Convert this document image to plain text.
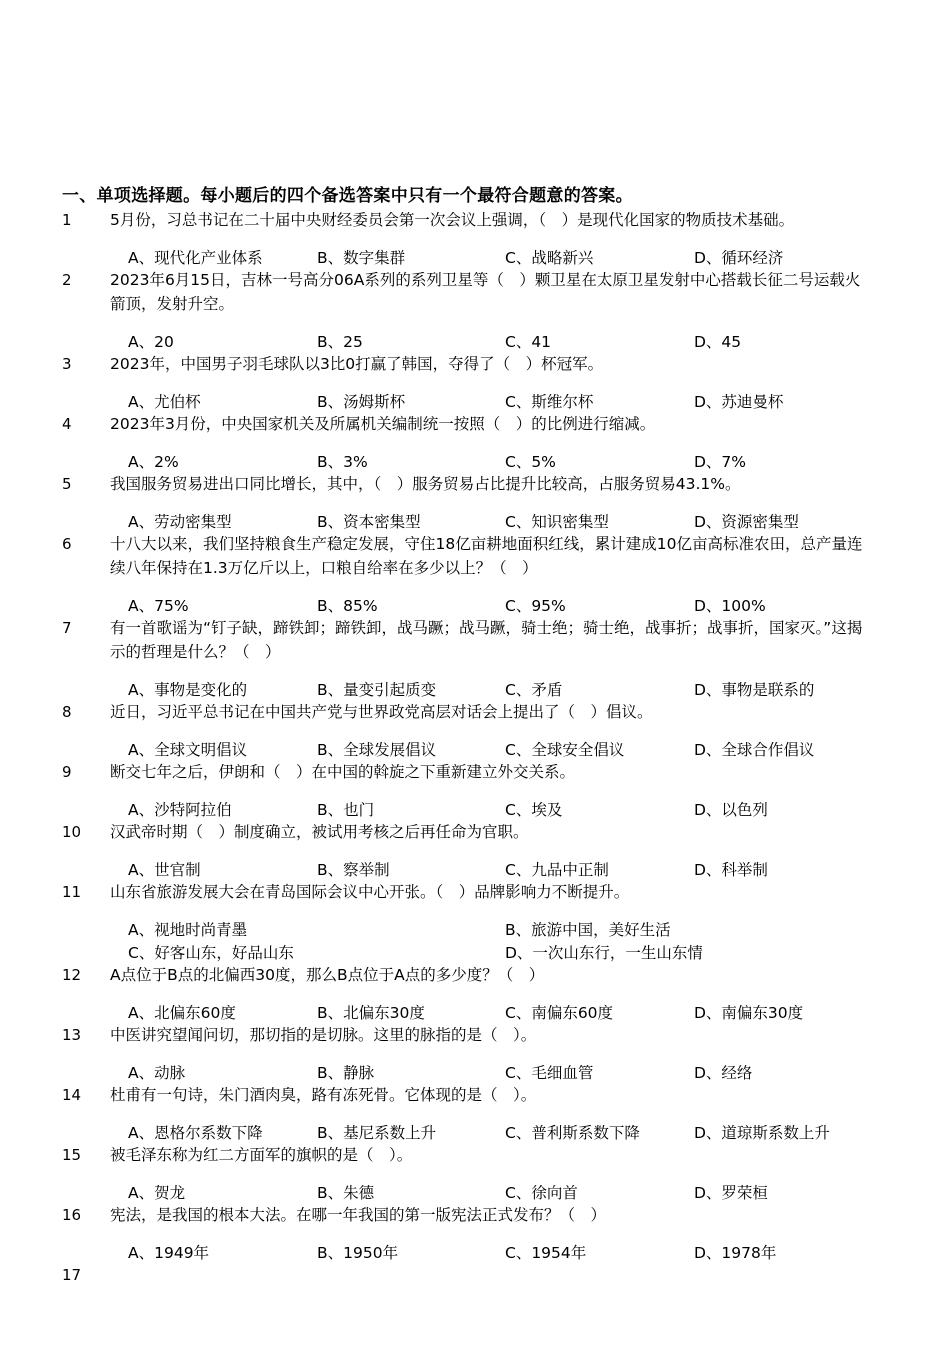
一、单项选择题。每小题后的四个备选答案中只有一个最符合题意的答案。
1 5月份，习总书记在二十届中央财经委员会第一次会议上强调，（　）是现代化国家的物质技术基础。
A、现代化产业体系	B、数字集群	C、战略新兴	D、循环经济
2 2023年6月15日，吉林一号高分06A系列的系列卫星等（　）颗卫星在太原卫星发射中心搭载长征二号运载火箭顶，发射升空。
A、20	B、25	C、41	D、45
3 2023年，中国男子羽毛球队以3比0打赢了韩国，夺得了（　）杯冠军。
A、尤伯杯	B、汤姆斯杯	C、斯维尔杯	D、苏迪曼杯
4 2023年3月份，中央国家机关及所属机关编制统一按照（　）的比例进行缩减。
A、2%	B、3%	C、5%	D、7%
5 我国服务贸易进出口同比增长，其中，（　）服务贸易占比提升比较高，占服务贸易43.1%。
A、劳动密集型	B、资本密集型	C、知识密集型	D、资源密集型
6 十八大以来，我们坚持粮食生产稳定发展，守住18亿亩耕地面积红线，累计建成10亿亩高标准农田，总产量连续八年保持在1.3万亿斤以上，口粮自给率在多少以上？（　）
A、75%	B、85%	C、95%	D、100%
7 有一首歌谣为“钉子缺，蹄铁卸；蹄铁卸，战马蹶；战马蹶，骑士绝；骑士绝，战事折；战事折，国家灭。”这揭示的哲理是什么？（　）
A、事物是变化的	B、量变引起质变	C、矛盾	D、事物是联系的
8 近日，习近平总书记在中国共产党与世界政党高层对话会上提出了（　）倡议。
A、全球文明倡议	B、全球发展倡议	C、全球安全倡议	D、全球合作倡议
9 断交七年之后，伊朗和（　）在中国的斡旋之下重新建立外交关系。
A、沙特阿拉伯	B、也门	C、埃及	D、以色列
10 汉武帝时期（　）制度确立，被试用考核之后再任命为官职。
A、世官制	B、察举制	C、九品中正制	D、科举制
11 山东省旅游发展大会在青岛国际会议中心开张。（　）品牌影响力不断提升。
A、视地时尚青墨	B、旅游中国，美好生活
C、好客山东，好品山东	D、一次山东行，一生山东情
12 A点位于B点的北偏西30度，那么B点位于A点的多少度？（　）
A、北偏东60度	B、北偏东30度	C、南偏东60度	D、南偏东30度
13 中医讲究望闻问切，那切指的是切脉。这里的脉指的是（　）。
A、动脉	B、静脉	C、毛细血管	D、经络
14 杜甫有一句诗，朱门酒肉臭，路有冻死骨。它体现的是（　）。
A、恩格尔系数下降	B、基尼系数上升	C、普利斯系数下降	D、道琼斯系数上升
15 被毛泽东称为红二方面军的旗帜的是（　）。
A、贺龙	B、朱德	C、徐向首	D、罗荣桓
16 宪法，是我国的根本大法。在哪一年我国的第一版宪法正式发布？（　）
A、1949年	B、1950年	C、1954年	D、1978年
17
